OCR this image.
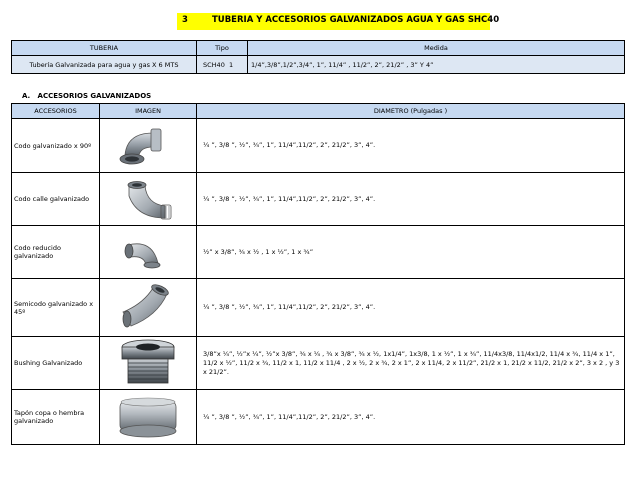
3	TUBERIA Y ACCESORIOS GALVANIZADOS AGUA Y GAS SHC40
TUBERIA	Tipo	Medida
Tubería Galvanizada para agua y gas X 6 MTS	SCH40 1	1/4”,3/8”,1/2”,3/4”, 1”, 11/4” , 11/2”, 2”, 21/2” , 3” Y 4”
A. ACCESORIOS GALVANIZADOS
ACCESORIOS	IMAGEN	DIAMETRO (Pulgadas )
Codo galvanizado x 90º		¼ ”, 3/8 ”, ½”, ¾”, 1”, 11/4”,11/2”, 2”, 21/2”, 3”, 4”.
Codo calle galvanizado		¼ ”, 3/8 ”, ½”, ¾”, 1”, 11/4”,11/2”, 2”, 21/2”, 3”, 4”.
Codo reducido galvanizado		½” x 3/8”, ¾ x ½ , 1 x ½”, 1 x ¾”
Semicodo galvanizado x 45º		¼ ”, 3/8 ”, ½”, ¾”, 1”, 11/4”,11/2”, 2”, 21/2”, 3”, 4”.
Bushing Galvanizado		3/8”x ¼”, ½”x ¼”, ½”x 3/8”, ¾ x ¼ , ¾ x 3/8”, ¾ x ½, 1x1/4”, 1x3/8, 1 x ½”, 1 x ¾”, 11/4x3/8, 11/4x1/2, 11/4 x ¾, 11/4 x 1”, 11/2 x ½”, 11/2 x ¾, 11/2 x 1, 11/2 x 11/4 , 2 x ½, 2 x ¾, 2 x 1”, 2 x 11/4, 2 x 11/2”, 21/2 x 1, 21/2 x 11/2, 21/2 x 2”, 3 x 2 , y 3 x 21/2”.
Tapón copa o hembra galvanizado		¼ ”, 3/8 ”, ½”, ¾”, 1”, 11/4”,11/2”, 2”, 21/2”, 3”, 4”.
